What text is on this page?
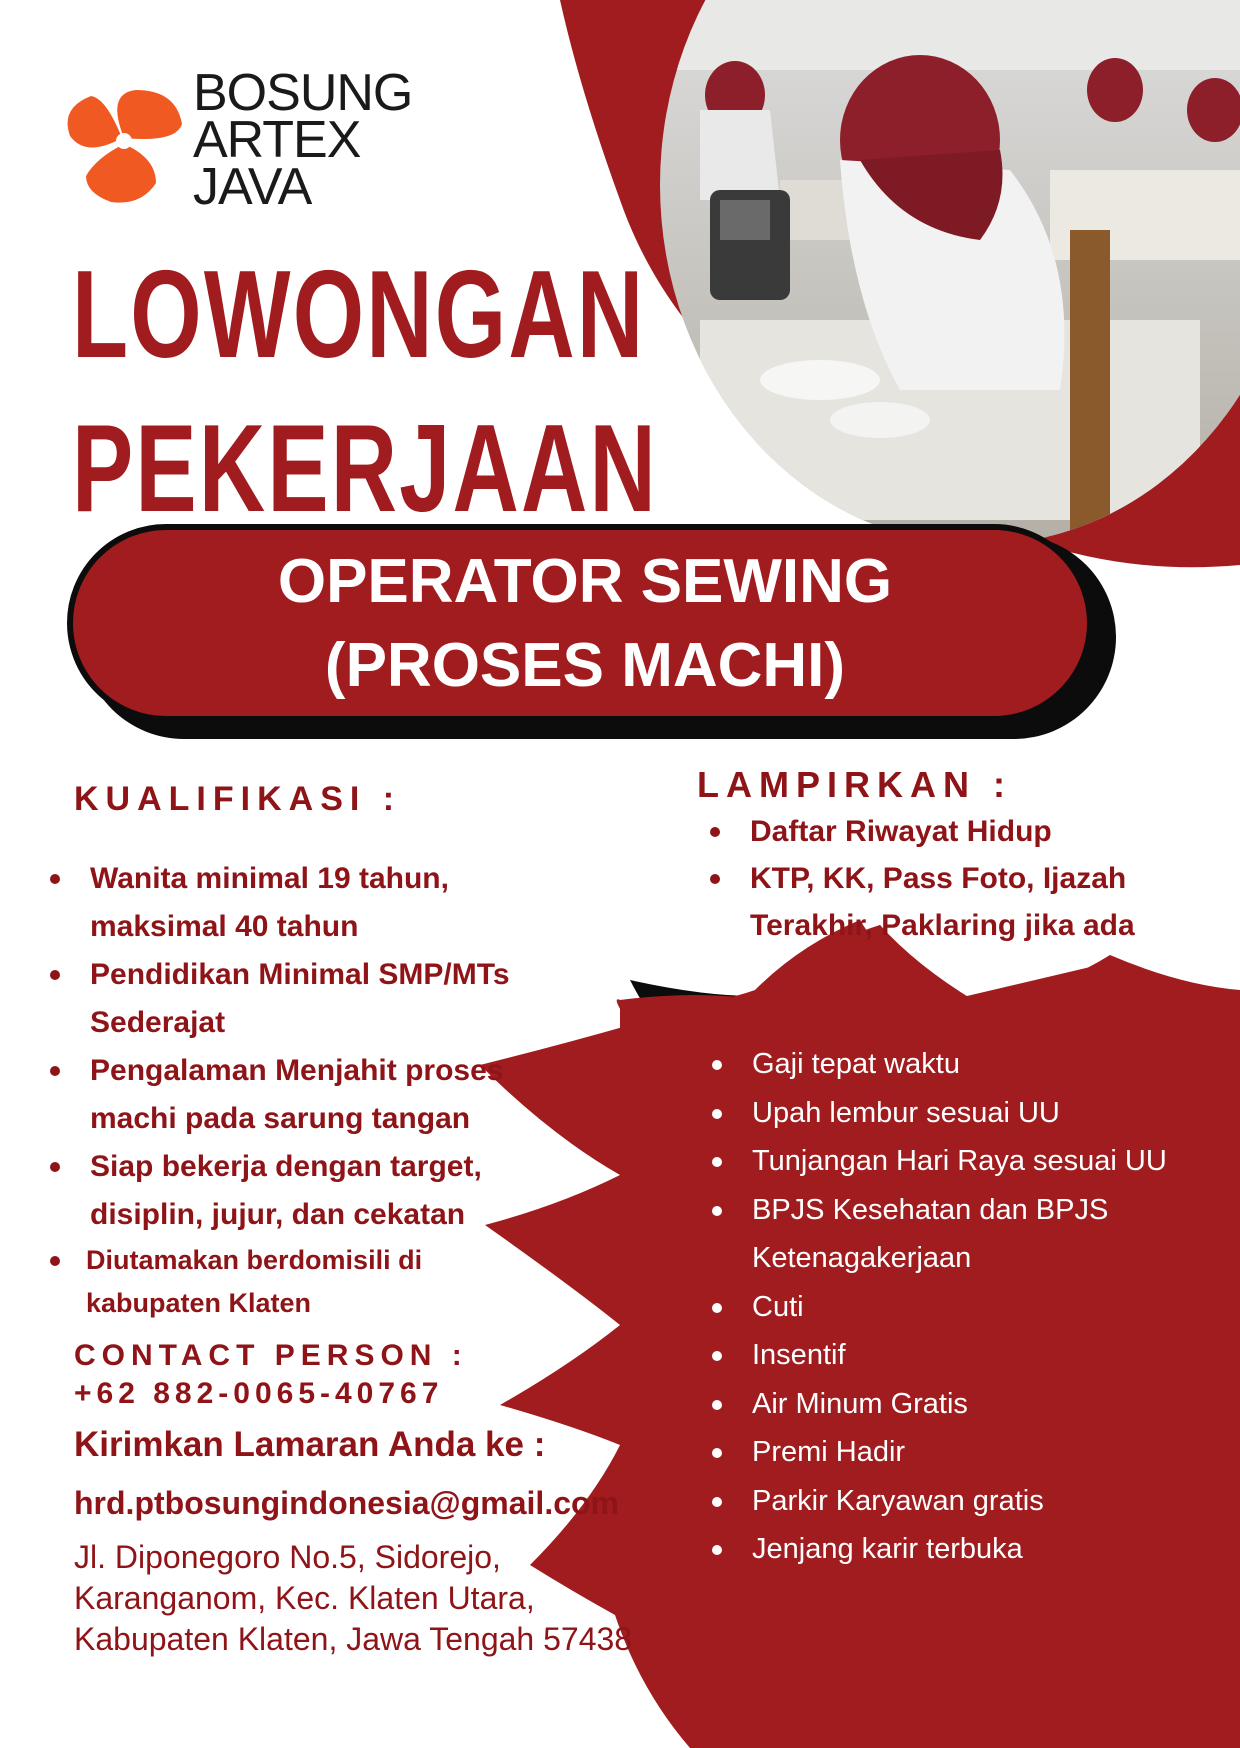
BOSUNG
ARTEX
JAVA
LOWONGAN
PEKERJAAN
OPERATOR SEWING
(PROSES MACHI)
KUALIFIKASI :
Wanita minimal 19 tahun, maksimal 40 tahun
Pendidikan Minimal SMP/MTs Sederajat
Pengalaman Menjahit proses machi pada sarung tangan
Siap bekerja dengan target, disiplin, jujur, dan cekatan
Diutamakan berdomisili di kabupaten Klaten
LAMPIRKAN :
Daftar Riwayat Hidup
KTP, KK, Pass Foto, Ijazah Terakhir, Paklaring jika ada
Gaji tepat waktu
Upah lembur sesuai UU
Tunjangan Hari Raya sesuai UU
BPJS Kesehatan dan BPJS Ketenagakerjaan
Cuti
Insentif
Air Minum Gratis
Premi Hadir
Parkir Karyawan gratis
Jenjang karir terbuka
CONTACT PERSON :
+62 882-0065-40767
Kirimkan Lamaran Anda ke :
hrd.ptbosungindonesia@gmail.com
Jl. Diponegoro No.5, Sidorejo, Karanganom, Kec. Klaten Utara, Kabupaten Klaten, Jawa Tengah 57438
